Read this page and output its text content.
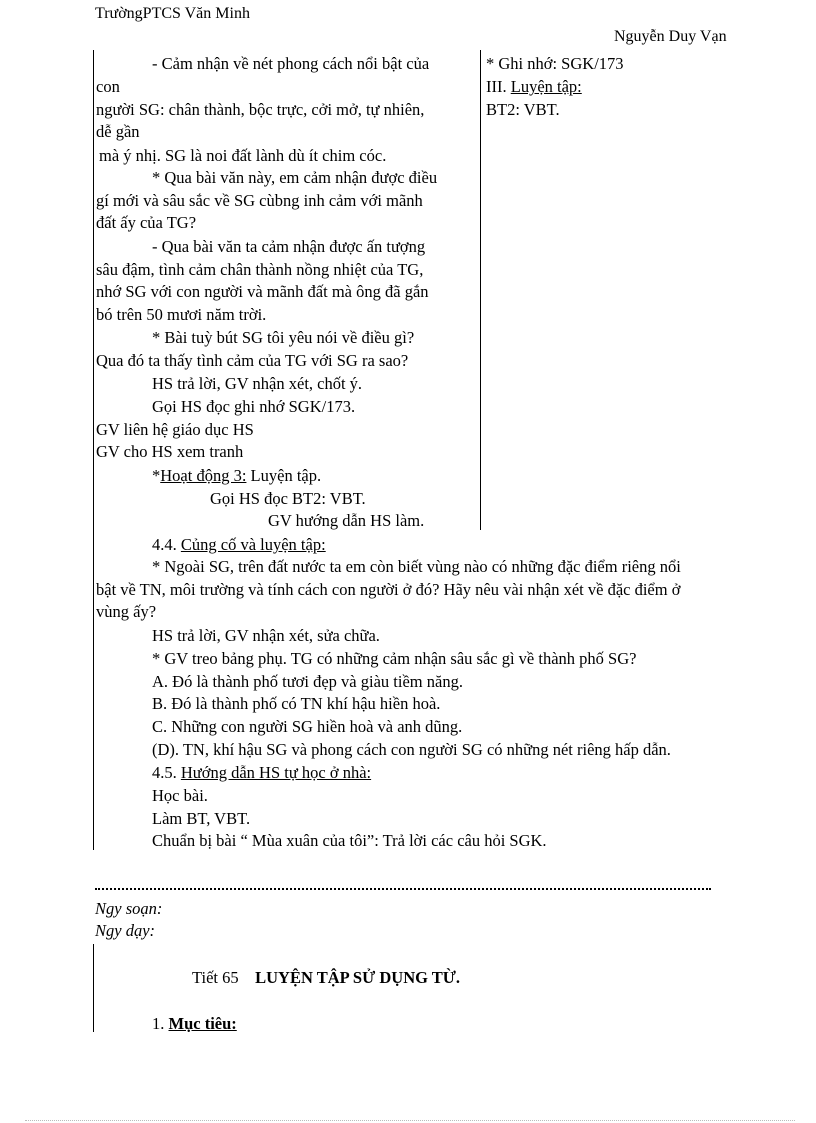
TrườngPTCS Văn Minh
Nguyễn Duy Vạn
- Cảm nhận về nét phong cách nổi bật của
con
người SG: chân thành, bộc trực, cởi mở, tự nhiên,
dễ gần
mà ý nhị. SG là noi đất lành dù ít chim cóc.
* Qua bài văn này, em cảm nhận được điều
gí mới và sâu sắc về SG cùbng inh cảm với mãnh
đất ấy của TG?
- Qua bài văn ta cảm nhận được ấn tượng
sâu đậm, tình cảm chân thành nồng nhiệt của TG,
nhớ SG với con người và mãnh đất mà ông đã gắn
bó trên 50 mươi năm trời.
* Bài tuỳ bút SG tôi yêu nói về điều gì?
Qua đó ta thấy tình cảm của TG với SG ra sao?
HS trả lời, GV nhận xét, chốt ý.
Gọi HS đọc ghi nhớ SGK/173.
GV liên hệ giáo dục HS
GV cho HS xem tranh
*Hoạt động 3: Luyện tập.
Gọi HS đọc BT2: VBT.
GV hướng dẫn HS làm.
* Ghi nhớ: SGK/173
III. Luyện tập:
BT2: VBT.
4.4. Củng cố và luyện tập:
* Ngoài SG, trên đất nước ta em còn biết vùng nào có những đặc điểm riêng nổi
bật về TN, môi trường và tính cách con người ở đó? Hãy nêu vài nhận xét về đặc điểm ở
vùng ấy?
HS trả lời, GV nhận xét, sửa chữa.
* GV treo bảng phụ. TG có những cảm nhận sâu sắc gì về thành phố SG?
A. Đó là thành phố tươi đẹp và giàu tiềm năng.
B. Đó là thành phố có TN khí hậu hiền hoà.
C. Những con người SG hiền hoà và anh dũng.
(D). TN, khí hậu SG và phong cách con người SG có những nét riêng hấp dẫn.
4.5. Hướng dẫn HS tự học ở nhà:
Học bài.
Làm BT, VBT.
Chuẩn bị bài “ Mùa xuân của tôi”: Trả lời các câu hỏi SGK.
Ngy soạn:
Ngy dạy:
Tiết 65 LUYỆN TẬP SỬ DỤNG TỪ.
1. Mục tiêu:
